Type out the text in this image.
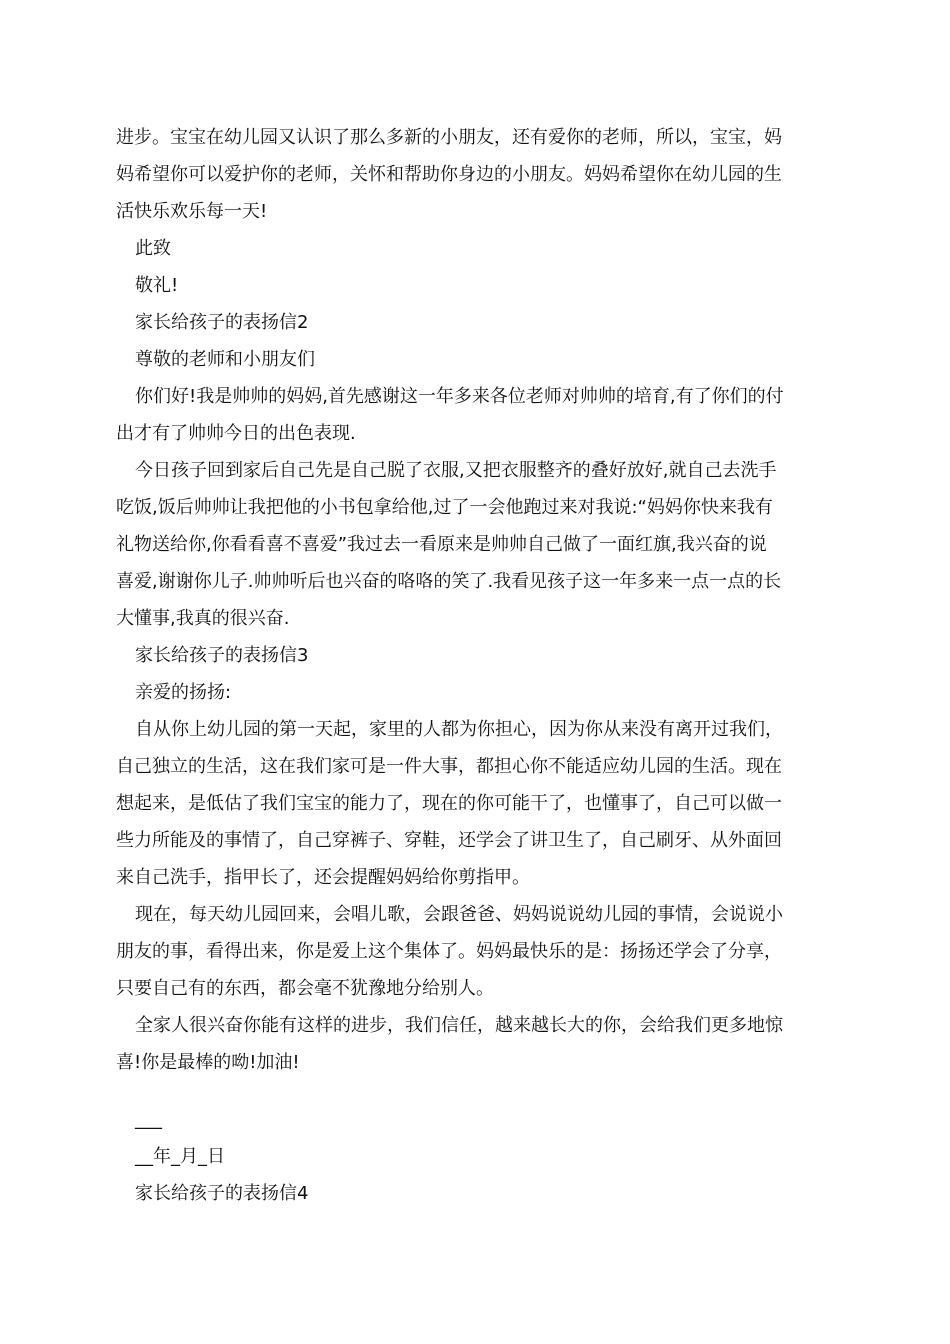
进步。宝宝在幼儿园又认识了那么多新的小朋友，还有爱你的老师，所以，宝宝，妈
妈希望你可以爱护你的老师，关怀和帮助你身边的小朋友。妈妈希望你在幼儿园的生
活快乐欢乐每一天!
此致
敬礼!
家长给孩子的表扬信2
尊敬的老师和小朋友们
你们好!我是帅帅的妈妈,首先感谢这一年多来各位老师对帅帅的培育,有了你们的付
出才有了帅帅今日的出色表现.
今日孩子回到家后自己先是自己脱了衣服,又把衣服整齐的叠好放好,就自己去洗手
吃饭,饭后帅帅让我把他的小书包拿给他,过了一会他跑过来对我说:“妈妈你快来我有
礼物送给你,你看看喜不喜爱”我过去一看原来是帅帅自己做了一面红旗,我兴奋的说
喜爱,谢谢你儿子.帅帅听后也兴奋的咯咯的笑了.我看见孩子这一年多来一点一点的长
大懂事,我真的很兴奋.
家长给孩子的表扬信3
亲爱的扬扬:
自从你上幼儿园的第一天起，家里的人都为你担心，因为你从来没有离开过我们，
自己独立的生活，这在我们家可是一件大事，都担心你不能适应幼儿园的生活。现在
想起来，是低估了我们宝宝的能力了，现在的你可能干了，也懂事了，自己可以做一
些力所能及的事情了，自己穿裤子、穿鞋，还学会了讲卫生了，自己刷牙、从外面回
来自己洗手，指甲长了，还会提醒妈妈给你剪指甲。
现在，每天幼儿园回来，会唱儿歌，会跟爸爸、妈妈说说幼儿园的事情，会说说小
朋友的事，看得出来，你是爱上这个集体了。妈妈最快乐的是：扬扬还学会了分享，
只要自己有的东西，都会毫不犹豫地分给别人。
全家人很兴奋你能有这样的进步，我们信任，越来越长大的你，会给我们更多地惊
喜!你是最棒的呦!加油!
___
__年_月_日
家长给孩子的表扬信4
